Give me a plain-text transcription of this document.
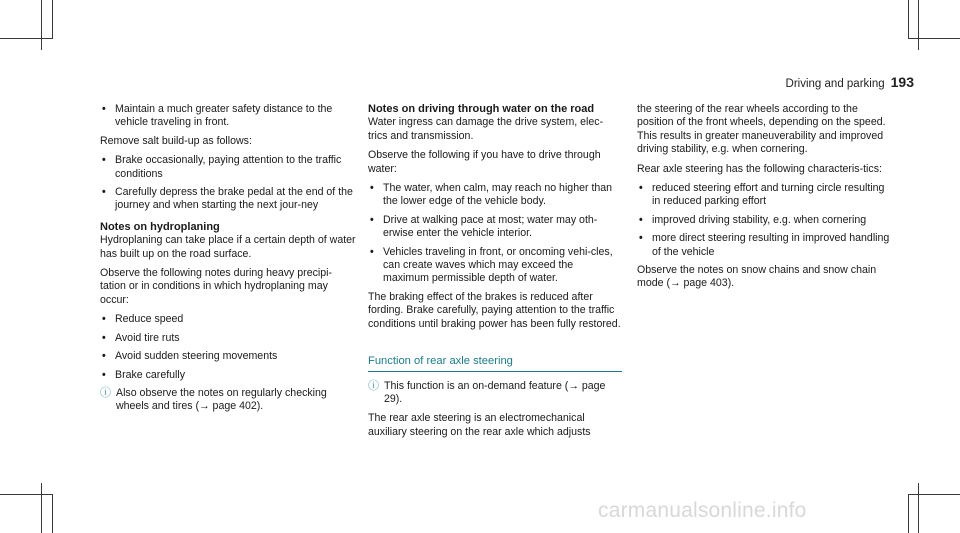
Driving and parking 193
• Maintain a much greater safety distance to the vehicle traveling in front.

Remove salt build-up as follows:

• Brake occasionally, paying attention to the traffic conditions
• Carefully depress the brake pedal at the end of the journey and when starting the next jour-ney
Notes on hydroplaning

Hydroplaning can take place if a certain depth of water has built up on the road surface.

Observe the following notes during heavy precipi-tation or in conditions in which hydroplaning may occur:

• Reduce speed
• Avoid tire ruts
• Avoid sudden steering movements
• Brake carefully
ⓘ Also observe the notes on regularly checking wheels and tires (→ page 402).
Notes on driving through water on the road

Water ingress can damage the drive system, elec-trics and transmission.

Observe the following if you have to drive through water:

• The water, when calm, may reach no higher than the lower edge of the vehicle body.
• Drive at walking pace at most; water may oth-erwise enter the vehicle interior.
• Vehicles traveling in front, or oncoming vehi-cles, can create waves which may exceed the maximum permissible depth of water.

The braking effect of the brakes is reduced after fording. Brake carefully, paying attention to the traffic conditions until braking power has been fully restored.

Function of rear axle steering
ⓘ This function is an on-demand feature (→ page 29).

The rear axle steering is an electromechanical auxiliary steering on the rear axle which adjusts

the steering of the rear wheels according to the position of the front wheels, depending on the speed. This results in greater maneuverability and improved driving stability, e.g. when cornering.

Rear axle steering has the following characteris-tics:

• reduced steering effort and turning circle resulting in reduced parking effort
• improved driving stability, e.g. when cornering
• more direct steering resulting in improved handling of the vehicle

Observe the notes on snow chains and snow chain mode (→ page 403).

carmanualsonline.info
